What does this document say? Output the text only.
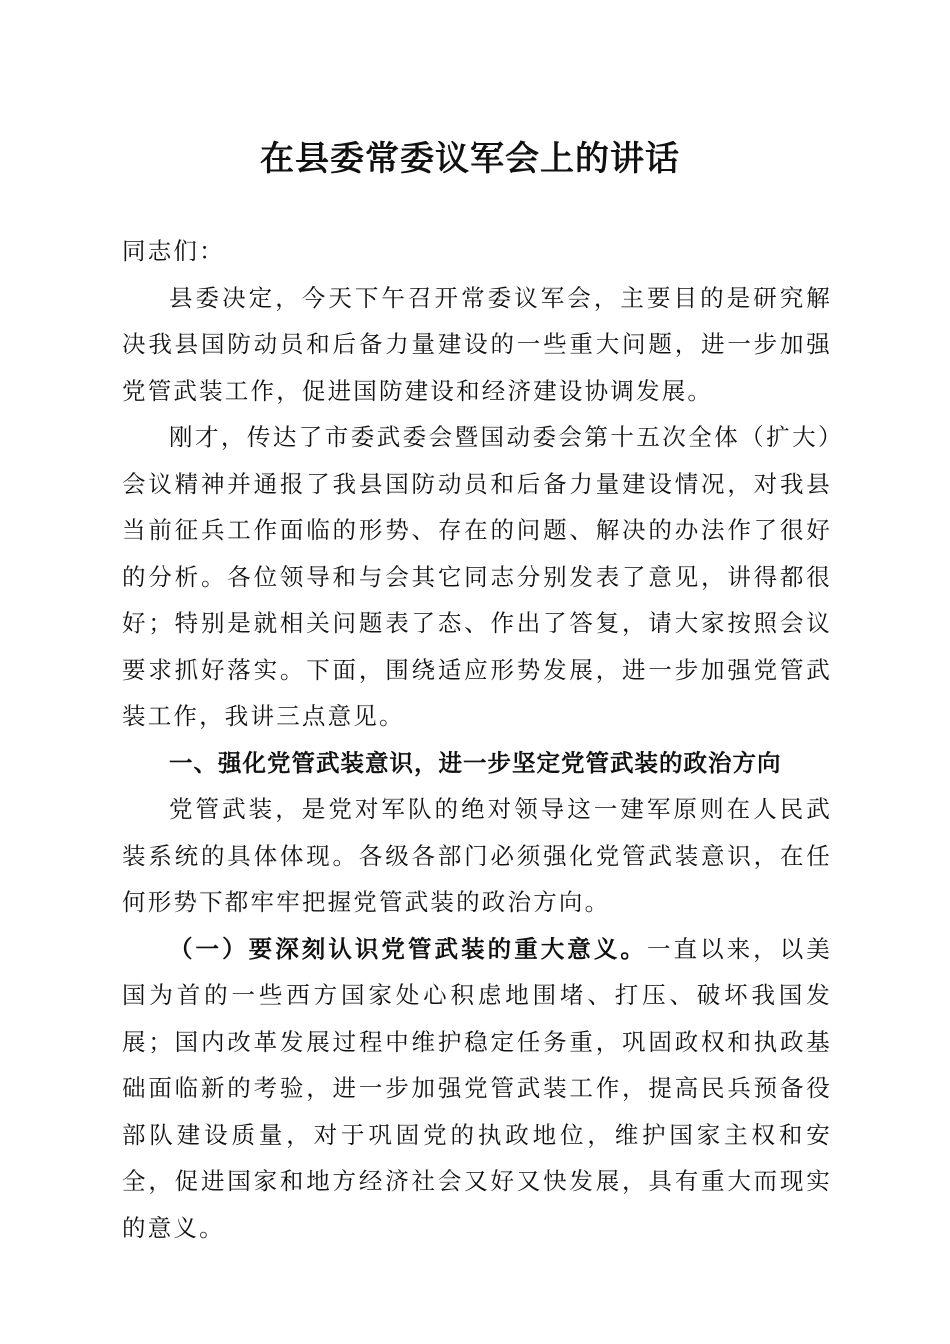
在县委常委议军会上的讲话

同志们：

县委决定，今天下午召开常委议军会，主要目的是研究解决我县国防动员和后备力量建设的一些重大问题，进一步加强党管武装工作，促进国防建设和经济建设协调发展。

刚才，传达了市委武委会暨国动委会第十五次全体（扩大）会议精神并通报了我县国防动员和后备力量建设情况，对我县当前征兵工作面临的形势、存在的问题、解决的办法作了很好的分析。各位领导和与会其它同志分别发表了意见，讲得都很好；特别是就相关问题表了态、作出了答复，请大家按照会议要求抓好落实。下面，围绕适应形势发展，进一步加强党管武装工作，我讲三点意见。

一、强化党管武装意识，进一步坚定党管武装的政治方向

党管武装，是党对军队的绝对领导这一建军原则在人民武装系统的具体体现。各级各部门必须强化党管武装意识，在任何形势下都牢牢把握党管武装的政治方向。

（一）要深刻认识党管武装的重大意义。一直以来，以美国为首的一些西方国家处心积虑地围堵、打压、破坏我国发展；国内改革发展过程中维护稳定任务重，巩固政权和执政基础面临新的考验，进一步加强党管武装工作，提高民兵预备役部队建设质量，对于巩固党的执政地位，维护国家主权和安全，促进国家和地方经济社会又好又快发展，具有重大而现实的意义。
